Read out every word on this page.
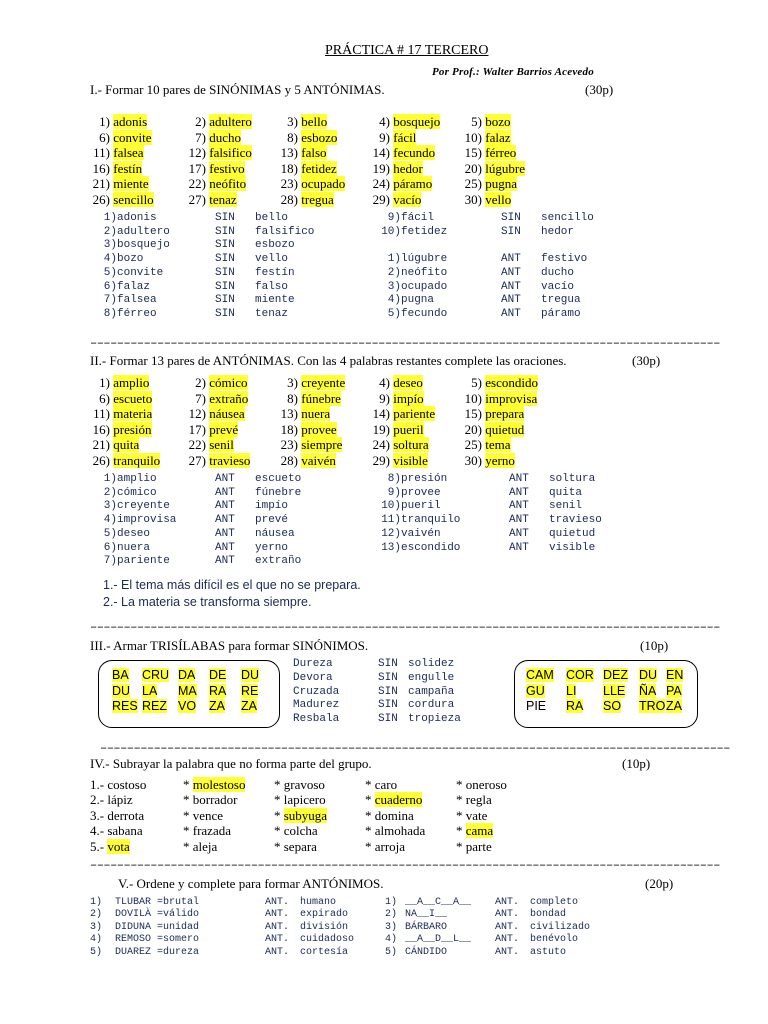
PRÁCTICA # 17 TERCERO
Por Prof.: Walter Barrios Acevedo
I.- Formar 10 pares de SINÓNIMAS y 5 ANTÓNIMAS.	(30p)
1) adonis	2) adultero	3) bello	4) bosquejo	5) bozo
6) convite	7) ducho	8) esbozo	9) fácil	10) falaz
11) falsea	12) falsifico	13) falso	14) fecundo	15) férreo
16) festín	17) festivo	18) fetidez	19) hedor	20) lúgubre
21) miente	22) neófito	23) ocupado	24) páramo	25) pugna
26) sencillo	27) tenaz	28) tregua	29) vacío	30) vello
1) adonis	SIN bello
2) adultero	SIN falsifico
3) bosquejo	SIN esbozo
4) bozo	SIN vello
5) convite	SIN festín
6) falaz	SIN falso
7) falsea	SIN miente
8) férreo	SIN tenaz
9) fácil	SIN sencillo
10) fetidez	SIN hedor
1) lúgubre	ANT festivo
2) neófito	ANT ducho
3) ocupado	ANT vacío
4) pugna	ANT tregua
5) fecundo	ANT páramo
––––––––––––––––––––––––––––––––––––––––––––––––––––––––––––––––––––––––––––––––––––––––––––––
II.- Formar 13 pares de ANTÓNIMAS. Con las 4 palabras restantes complete las oraciones.	(30p)
1) amplio	2) cómico	3) creyente	4) deseo	5) escondido
6) escueto	7) extraño	8) fúnebre	9) impío	10) improvisa
11) materia	12) náusea	13) nuera	14) pariente	15) prepara
16) presión	17) prevé	18) provee	19) pueril	20) quietud
21) quita	22) senil	23) siempre	24) soltura	25) tema
26) tranquilo	27) travieso	28) vaivén	29) visible	30) yerno
1) amplio	ANT escueto
2) cómico	ANT fúnebre
3) creyente	ANT impío
4) improvisa	ANT prevé
5) deseo	ANT náusea
6) nuera	ANT yerno
7) pariente	ANT extraño
8) presión	ANT soltura
9) provee	ANT quita
10) pueril	ANT senil
11) tranquilo	ANT travieso
12) vaivén	ANT quietud
13) escondido	ANT visible
1.- El tema más difícil es el que no se prepara.
2.- La materia se transforma siempre.
––––––––––––––––––––––––––––––––––––––––––––––––––––––––––––––––––––––––––––––––––––––––––––––
III.- Armar TRISÍLABAS para formar SINÓNIMOS.	(10p)
BA CRU DA DE DU
DU LA MA RA RE
RES REZ VO ZA ZA
Dureza	SIN solidez
Devora	SIN engulle
Cruzada	SIN campaña
Madurez	SIN cordura
Resbala	SIN tropieza
CAM COR DEZ DU EN
GU LI LLE ÑA PA
PIE RA SO TRO ZA
––––––––––––––––––––––––––––––––––––––––––––––––––––––––––––––––––––––––––––––––––––––––––––––
IV.- Subrayar la palabra que no forma parte del grupo.	(10p)
1.- costoso	* molestoso * gravoso	* caro	* oneroso
2.- lápiz	* borrador	* lapicero	* cuaderno	* regla
3.- derrota	* vence	* subyuga	* domina	* vate
4.- sabana	* frazada	* colcha	* almohada * cama
5.- vota	* aleja	* separa	* arroja	* parte
––––––––––––––––––––––––––––––––––––––––––––––––––––––––––––––––––––––––––––––––––––––––––––––
V.- Ordene y complete para formar ANTÓNIMOS.	(20p)
1) TLUBAR =brutal	ANT. humano
2) DOVILÀ =válido	ANT. expirado
3) DIDUNA =unidad	ANT. división
4) REMOSO =somero	ANT. cuidadoso
5) DUAREZ =dureza	ANT. cortesía
1) __A__C__A__ ANT. completo
2) NA__I__	ANT. bondad
3) BÁRBARO	ANT. civilizado
4) __A__D__L__ ANT. benévolo
5) CÁNDIDO	ANT. astuto
